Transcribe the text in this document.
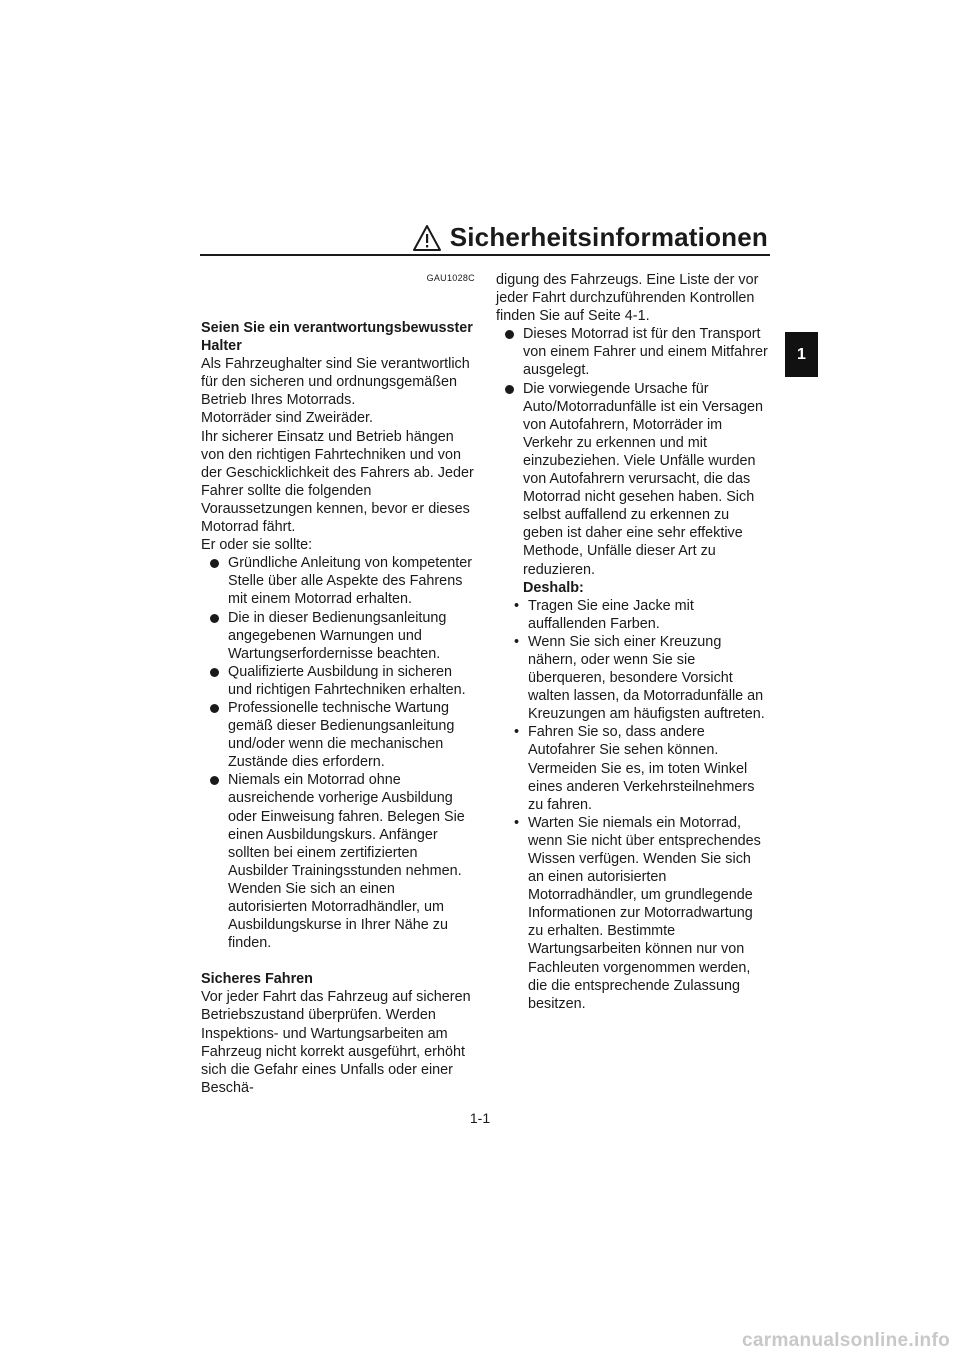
Sicherheitsinformationen
1
GAU1028C

Seien Sie ein verantwortungsbewusster Halter

Als Fahrzeughalter sind Sie verantwortlich für den sicheren und ordnungsgemäßen Betrieb Ihres Motorrads.

Motorräder sind Zweiräder.

Ihr sicherer Einsatz und Betrieb hängen von den richtigen Fahrtechniken und von der Geschicklichkeit des Fahrers ab. Jeder Fahrer sollte die folgenden Voraussetzungen kennen, bevor er dieses Motorrad fährt.

Er oder sie sollte:

Gründliche Anleitung von kompetenter Stelle über alle Aspekte des Fahrens mit einem Motorrad erhalten.
Die in dieser Bedienungsanleitung angegebenen Warnungen und Wartungserfordernisse beachten.
Qualifizierte Ausbildung in sicheren und richtigen Fahrtechniken erhalten.
Professionelle technische Wartung gemäß dieser Bedienungsanleitung und/oder wenn die mechanischen Zustände dies erfordern.
Niemals ein Motorrad ohne ausreichende vorherige Ausbildung oder Einweisung fahren. Belegen Sie einen Ausbildungskurs. Anfänger sollten bei einem zertifizierten Ausbilder Trainingsstunden nehmen. Wenden Sie sich an einen autorisierten Motorradhändler, um Ausbildungskurse in Ihrer Nähe zu finden.

Sicheres Fahren

Vor jeder Fahrt das Fahrzeug auf sicheren Betriebszustand überprüfen. Werden Inspektions- und Wartungsarbeiten am Fahrzeug nicht korrekt ausgeführt, erhöht sich die Gefahr eines Unfalls oder einer Beschä-

digung des Fahrzeugs. Eine Liste der vor jeder Fahrt durchzuführenden Kontrollen finden Sie auf Seite 4-1.

Dieses Motorrad ist für den Transport von einem Fahrer und einem Mitfahrer ausgelegt.
Die vorwiegende Ursache für Auto/Motorradunfälle ist ein Versagen von Autofahrern, Motorräder im Verkehr zu erkennen und mit einzubeziehen. Viele Unfälle wurden von Autofahrern verursacht, die das Motorrad nicht gesehen haben. Sich selbst auffallend zu erkennen zu geben ist daher eine sehr effektive Methode, Unfälle dieser Art zu reduzieren.
Deshalb:
• Tragen Sie eine Jacke mit auffallenden Farben.
• Wenn Sie sich einer Kreuzung nähern, oder wenn Sie sie überqueren, besondere Vorsicht walten lassen, da Motorradunfälle an Kreuzungen am häufigsten auftreten.
• Fahren Sie so, dass andere Autofahrer Sie sehen können. Vermeiden Sie es, im toten Winkel eines anderen Verkehrsteilnehmers zu fahren.
• Warten Sie niemals ein Motorrad, wenn Sie nicht über entsprechendes Wissen verfügen. Wenden Sie sich an einen autorisierten Motorradhändler, um grundlegende Informationen zur Motorradwartung zu erhalten. Bestimmte Wartungsarbeiten können nur von Fachleuten vorgenommen werden, die die entsprechende Zulassung besitzen.
1-1
carmanualsonline.info
